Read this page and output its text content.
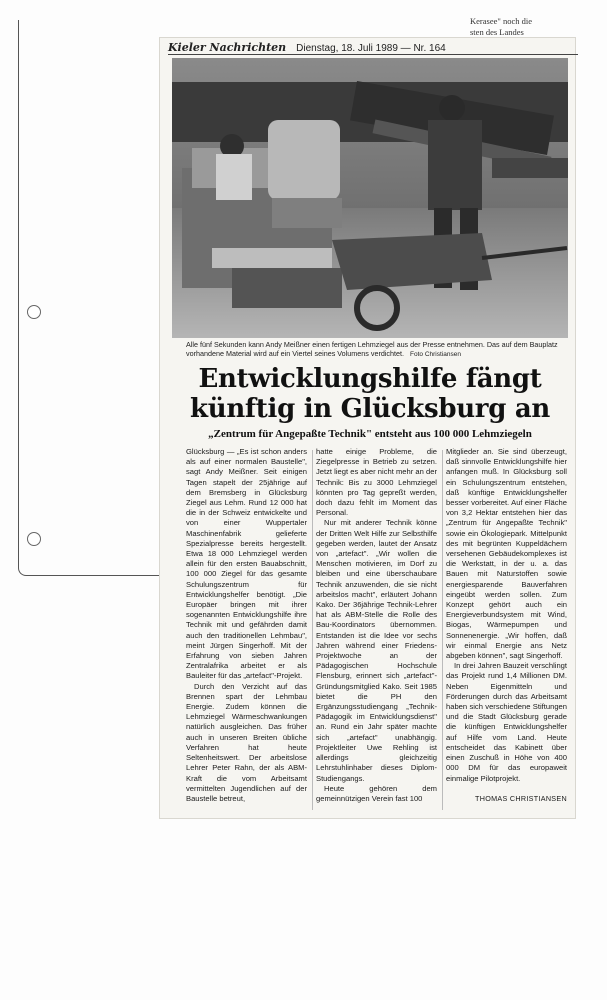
Kerasee" noch die
sten des Landes
Kieler Nachrichten Dienstag, 18. Juli 1989 — Nr. 164
Alle fünf Sekunden kann Andy Meißner einen fertigen Lehmziegel aus der Presse entnehmen. Das auf dem Bauplatz vorhandene Material wird auf ein Viertel seines Volumens verdichtet. Foto Christiansen
Entwicklungshilfe fängt
künftig in Glücksburg an
„Zentrum für Angepaßte Technik" entsteht aus 100 000 Lehmziegeln

Glücksburg — „Es ist schon anders als auf einer normalen Baustelle", sagt Andy Meißner. Seit einigen Tagen stapelt der 25jährige auf dem Bremsberg in Glücksburg Ziegel aus Lehm. Rund 12 000 hat die in der Schweiz entwickelte und von einer Wuppertaler Maschinenfabrik gelieferte Spezialpresse bereits hergestellt. Etwa 18 000 Lehmziegel werden allein für den ersten Bauabschnitt, 100 000 Ziegel für das gesamte Schulungszentrum für Entwicklungshelfer benötigt. „Die Europäer bringen mit ihrer sogenannten Entwicklungshilfe ihre Technik mit und gefährden damit auch den traditionellen Lehmbau", meint Jürgen Singerhoff. Mit der Erfahrung von sieben Jahren Zentralafrika arbeitet er als Bauleiter für das „artefact"-Projekt.

Durch den Verzicht auf das Brennen spart der Lehmbau Energie. Zudem können die Lehmziegel Wärmeschwankungen natürlich ausgleichen. Das früher auch in unseren Breiten übliche Verfahren hat heute Seltenheitswert. Der arbeitslose Lehrer Peter Rahn, der als ABM-Kraft die vom Arbeitsamt vermittelten Jugendlichen auf der Baustelle betreut,

hatte einige Probleme, die Ziegelpresse in Betrieb zu setzen. Jetzt liegt es aber nicht mehr an der Technik: Bis zu 3000 Lehmziegel könnten pro Tag gepreßt werden, doch dazu fehlt im Moment das Personal.

Nur mit anderer Technik könne der Dritten Welt Hilfe zur Selbsthilfe gegeben werden, lautet der Ansatz von „artefact". „Wir wollen die Menschen motivieren, im Dorf zu bleiben und eine überschaubare Technik anzuwenden, die sie nicht arbeitslos macht", erläutert Johann Kako. Der 36jährige Technik-Lehrer hat als ABM-Stelle die Rolle des Bau-Koordinators übernommen. Entstanden ist die Idee vor sechs Jahren während einer Friedens-Projektwoche an der Pädagogischen Hochschule Flensburg, erinnert sich „artefact"-Gründungsmitglied Kako. Seit 1985 bietet die PH den Ergänzungsstudiengang „Technik-Pädagogik im Entwicklungsdienst" an. Rund ein Jahr später machte sich „artefact" unabhängig. Projektleiter Uwe Rehling ist allerdings gleichzeitig Lehrstuhlinhaber dieses Diplom-Studiengangs.

Heute gehören dem gemeinnützigen Verein fast 100

Mitglieder an. Sie sind überzeugt, daß sinnvolle Entwicklungshilfe hier anfangen muß. In Glücksburg soll ein Schulungszentrum entstehen, daß künftige Entwicklungshelfer besser vorbereitet. Auf einer Fläche von 3,2 Hektar entstehen hier das „Zentrum für Angepaßte Technik" sowie ein Ökologiepark. Mittelpunkt des mit begrünten Kuppeldächern versehenen Gebäudekomplexes ist die Werkstatt, in der u. a. das Bauen mit Naturstoffen sowie energiesparende Bauverfahren eingeübt werden sollen. Zum Konzept gehört auch ein Energieverbundsystem mit Wind, Biogas, Wärmepumpen und Sonnenenergie. „Wir hoffen, daß wir einmal Energie ans Netz abgeben können", sagt Singerhoff.

In drei Jahren Bauzeit verschlingt das Projekt rund 1,4 Millionen DM. Neben Eigenmitteln und Förderungen durch das Arbeitsamt haben sich verschiedene Stiftungen und die Stadt Glücksburg gerade die künftigen Entwicklungshelfer auf Hilfe vom Land. Heute entscheidet das Kabinett über einen Zuschuß in Höhe von 400 000 DM für das europaweit einmalige Pilotprojekt.

THOMAS CHRISTIANSEN
